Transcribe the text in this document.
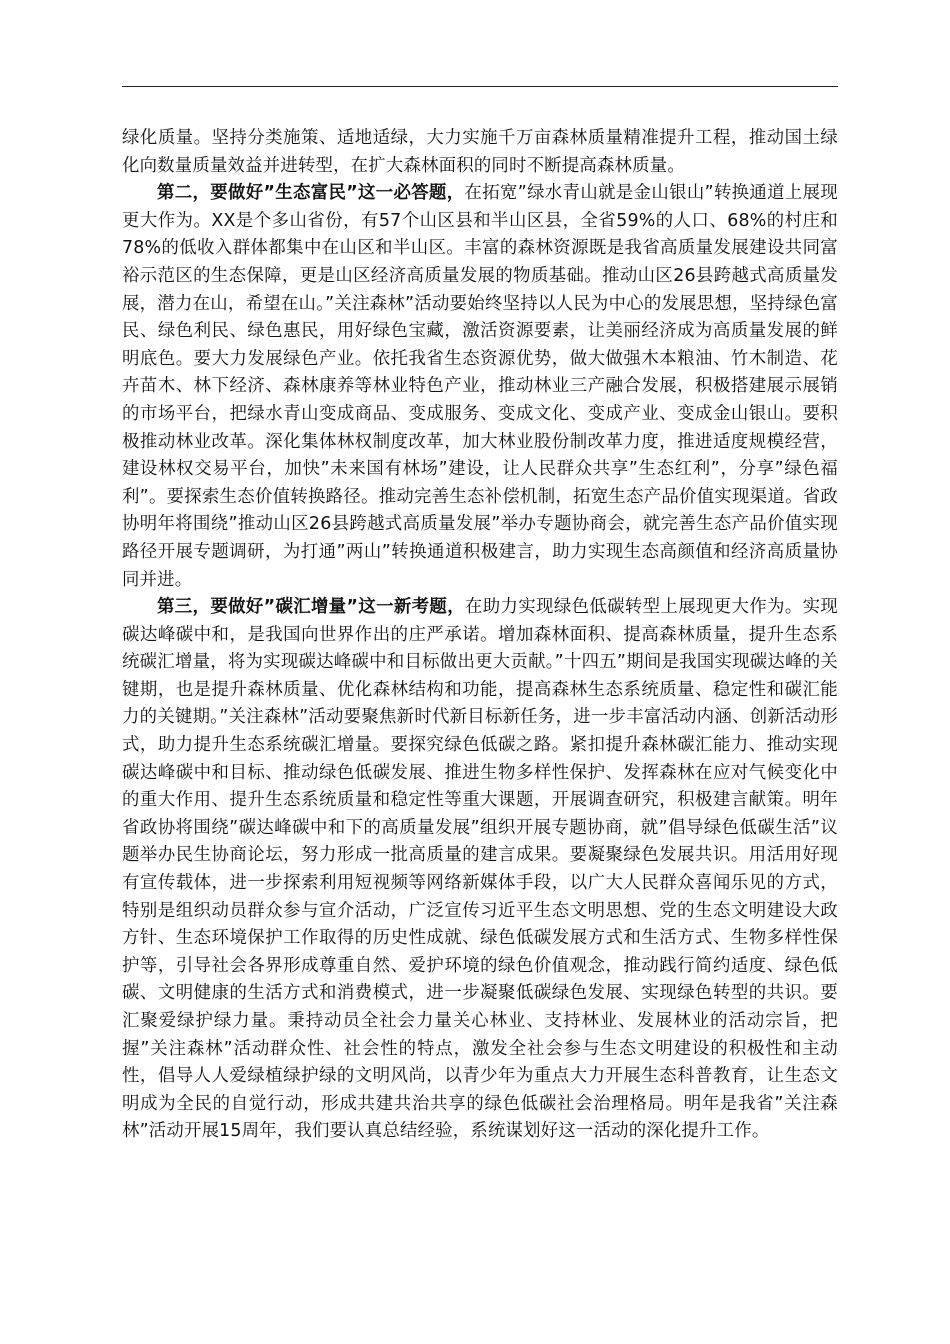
绿化质量。坚持分类施策、适地适绿，大力实施千万亩森林质量精准提升工程，推动国土绿化向数量质量效益并进转型，在扩大森林面积的同时不断提高森林质量。

第二，要做好”生态富民”这一必答题，在拓宽”绿水青山就是金山银山”转换通道上展现更大作为。XX是个多山省份，有57个山区县和半山区县，全省59%的人口、68%的村庄和78%的低收入群体都集中在山区和半山区。丰富的森林资源既是我省高质量发展建设共同富裕示范区的生态保障，更是山区经济高质量发展的物质基础。推动山区26县跨越式高质量发展，潜力在山，希望在山。”关注森林”活动要始终坚持以人民为中心的发展思想，坚持绿色富民、绿色利民、绿色惠民，用好绿色宝藏，激活资源要素，让美丽经济成为高质量发展的鲜明底色。要大力发展绿色产业。依托我省生态资源优势，做大做强木本粮油、竹木制造、花卉苗木、林下经济、森林康养等林业特色产业，推动林业三产融合发展，积极搭建展示展销的市场平台，把绿水青山变成商品、变成服务、变成文化、变成产业、变成金山银山。要积极推动林业改革。深化集体林权制度改革，加大林业股份制改革力度，推进适度规模经营，建设林权交易平台，加快”未来国有林场”建设，让人民群众共享”生态红利”，分享”绿色福利”。要探索生态价值转换路径。推动完善生态补偿机制，拓宽生态产品价值实现渠道。省政协明年将围绕”推动山区26县跨越式高质量发展”举办专题协商会，就完善生态产品价值实现路径开展专题调研，为打通”两山”转换通道积极建言，助力实现生态高颜值和经济高质量协同并进。

第三，要做好”碳汇增量”这一新考题，在助力实现绿色低碳转型上展现更大作为。实现碳达峰碳中和，是我国向世界作出的庄严承诺。增加森林面积、提高森林质量，提升生态系统碳汇增量，将为实现碳达峰碳中和目标做出更大贡献。”十四五”期间是我国实现碳达峰的关键期，也是提升森林质量、优化森林结构和功能，提高森林生态系统质量、稳定性和碳汇能力的关键期。”关注森林”活动要聚焦新时代新目标新任务，进一步丰富活动内涵、创新活动形式，助力提升生态系统碳汇增量。要探究绿色低碳之路。紧扣提升森林碳汇能力、推动实现碳达峰碳中和目标、推动绿色低碳发展、推进生物多样性保护、发挥森林在应对气候变化中的重大作用、提升生态系统质量和稳定性等重大课题，开展调查研究，积极建言献策。明年省政协将围绕”碳达峰碳中和下的高质量发展”组织开展专题协商，就”倡导绿色低碳生活”议题举办民生协商论坛，努力形成一批高质量的建言成果。要凝聚绿色发展共识。用活用好现有宣传载体，进一步探索利用短视频等网络新媒体手段，以广大人民群众喜闻乐见的方式，特别是组织动员群众参与宣介活动，广泛宣传习近平生态文明思想、党的生态文明建设大政方针、生态环境保护工作取得的历史性成就、绿色低碳发展方式和生活方式、生物多样性保护等，引导社会各界形成尊重自然、爱护环境的绿色价值观念，推动践行简约适度、绿色低碳、文明健康的生活方式和消费模式，进一步凝聚低碳绿色发展、实现绿色转型的共识。要汇聚爱绿护绿力量。秉持动员全社会力量关心林业、支持林业、发展林业的活动宗旨，把握”关注森林”活动群众性、社会性的特点，激发全社会参与生态文明建设的积极性和主动性，倡导人人爱绿植绿护绿的文明风尚，以青少年为重点大力开展生态科普教育，让生态文明成为全民的自觉行动，形成共建共治共享的绿色低碳社会治理格局。明年是我省”关注森林”活动开展15周年，我们要认真总结经验，系统谋划好这一活动的深化提升工作。
